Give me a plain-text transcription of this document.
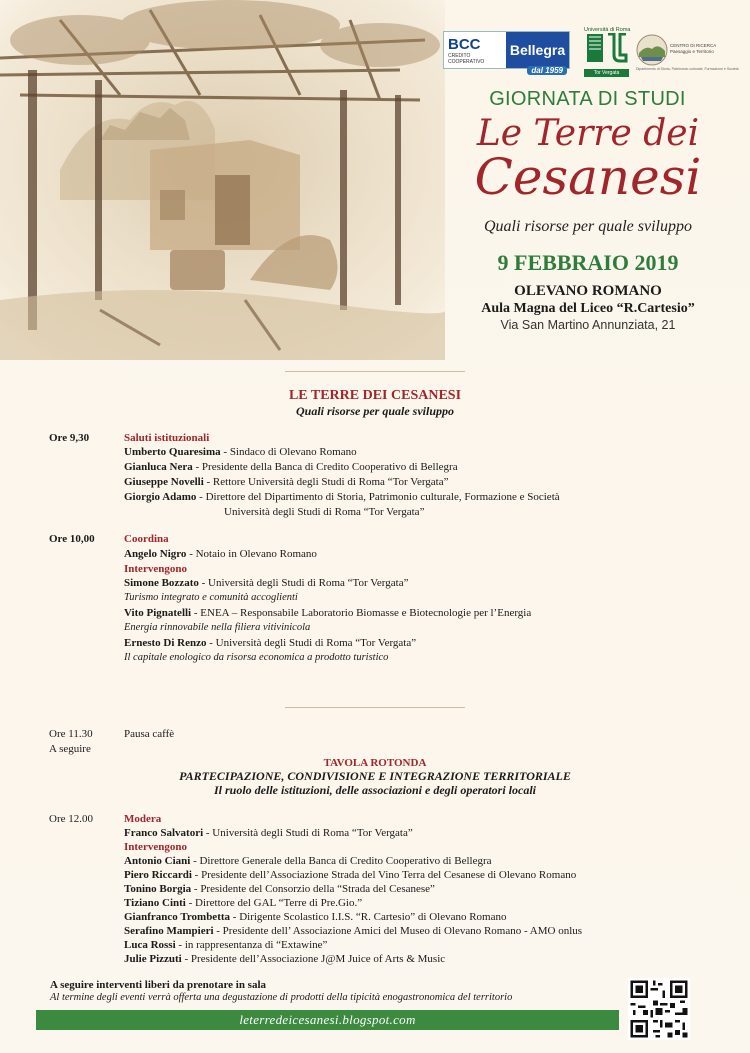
BCC
CREDITO COOPERATIVO
Bellegra
dal 1959
Università di Roma
Tor Vergata
CENTRO DI RICERCA Paesaggio e Territorio
Dipartimento di Storia, Patrimonio culturale, Formazione e Società
GIORNATA DI STUDI
Le Terre dei
Cesanesi
Quali risorse per quale sviluppo
9 FEBBRAIO 2019
OLEVANO ROMANO
Aula Magna del Liceo “R.Cartesio”
Via San Martino Annunziata, 21
LE TERRE DEI CESANESI
Quali risorse per quale sviluppo
Ore 9,30	Saluti istituzionali
Umberto Quaresima - Sindaco di Olevano Romano
Gianluca Nera - Presidente della Banca di Credito Cooperativo di Bellegra
Giuseppe Novelli - Rettore Università degli Studi di Roma “Tor Vergata”
Giorgio Adamo - Direttore del Dipartimento di Storia, Patrimonio culturale, Formazione e Società
Università degli Studi di Roma “Tor Vergata”
Ore 10,00	Coordina
Angelo Nigro - Notaio in Olevano Romano
Intervengono
Simone Bozzato - Università degli Studi di Roma “Tor Vergata”
Turismo integrato e comunità accoglienti
Vito Pignatelli - ENEA – Responsabile Laboratorio Biomasse e Biotecnologie per l’Energia
Energia rinnovabile nella filiera vitivinicola
Ernesto Di Renzo - Università degli Studi di Roma “Tor Vergata”
Il capitale enologico da risorsa economica a prodotto turistico
Ore 11.30	Pausa caffè
A seguire
TAVOLA ROTONDA
PARTECIPAZIONE, CONDIVISIONE E INTEGRAZIONE TERRITORIALE
Il ruolo delle istituzioni, delle associazioni e degli operatori locali
Ore 12.00	Modera
Franco Salvatori - Università degli Studi di Roma “Tor Vergata”
Intervengono
Antonio Ciani - Direttore Generale della Banca di Credito Cooperativo di Bellegra
Piero Riccardi - Presidente dell’Associazione Strada del Vino Terra del Cesanese di Olevano Romano
Tonino Borgia - Presidente del Consorzio della “Strada del Cesanese”
Tiziano Cinti - Direttore del GAL “Terre di Pre.Gio.”
Gianfranco Trombetta - Dirigente Scolastico I.I.S. “R. Cartesio” di Olevano Romano
Serafino Mampieri - Presidente dell’ Associazione Amici del Museo di Olevano Romano - AMO onlus
Luca Rossi - in rappresentanza di “Extawine”
Julie Pizzuti - Presidente dell’Associazione J@M Juice of Arts & Music
A seguire interventi liberi da prenotare in sala
Al termine degli eventi verrà offerta una degustazione di prodotti della tipicità enogastronomica del territorio
leterredeicesanesi.blogspot.com
